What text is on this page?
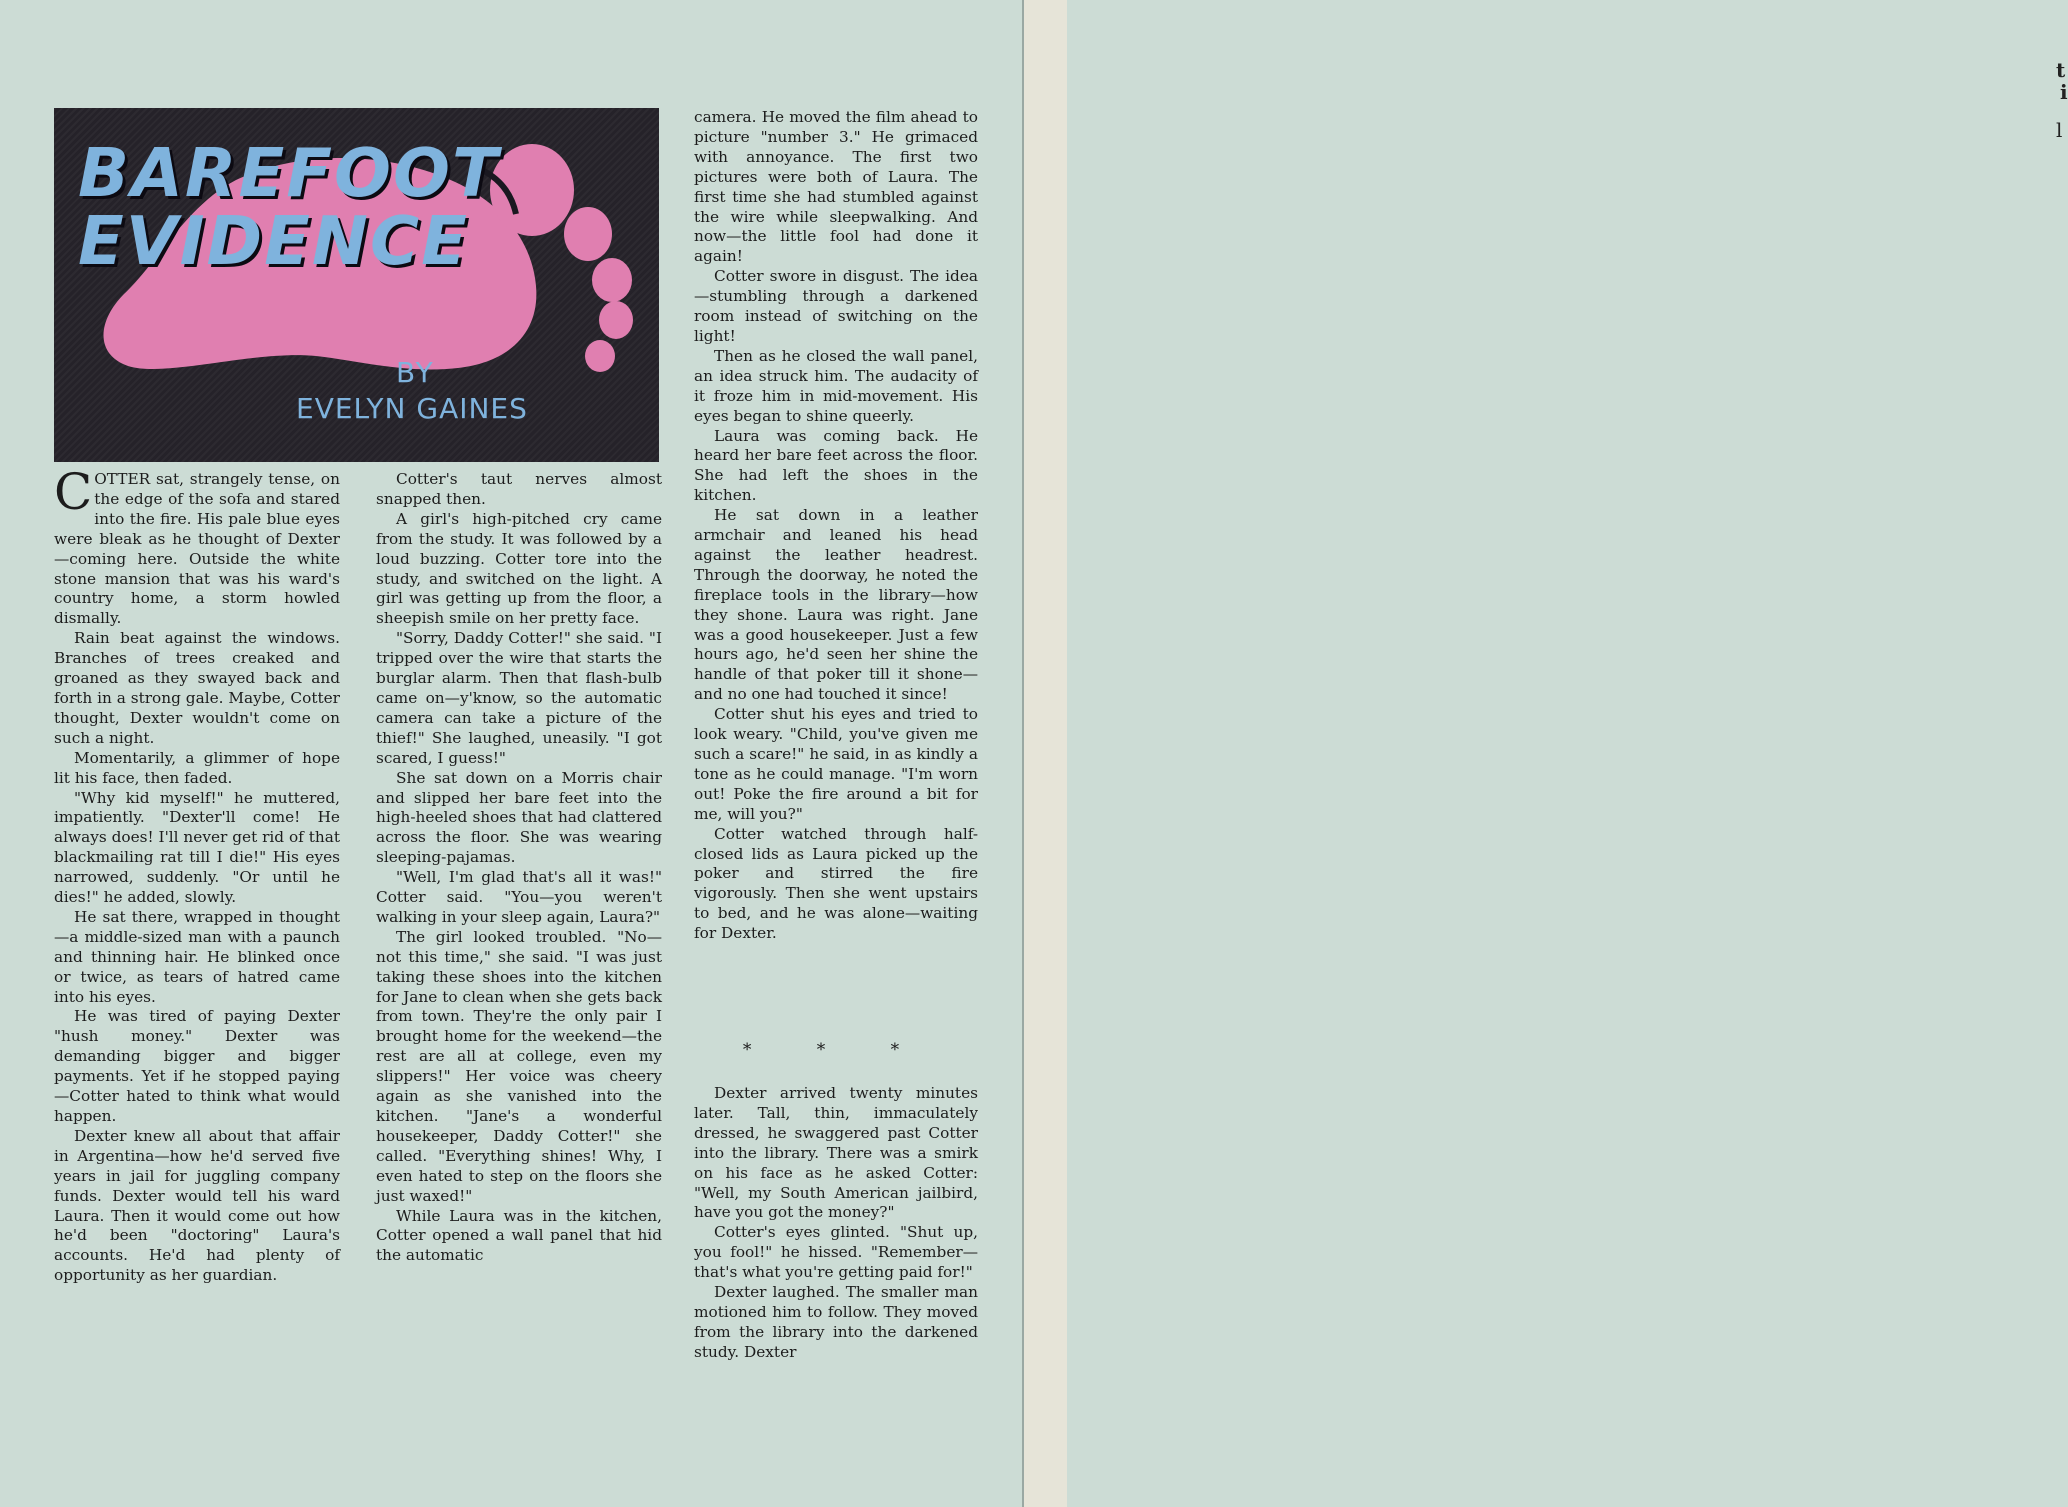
t
i
l
BAREFOOT
EVIDENCE
BY
EVELYN GAINES

COTTER sat, strangely tense, on the edge of the sofa and stared into the fire. His pale blue eyes were bleak as he thought of Dexter—coming here. Outside the white stone mansion that was his ward's country home, a storm howled dismally.

Rain beat against the windows. Branches of trees creaked and groaned as they swayed back and forth in a strong gale. Maybe, Cotter thought, Dexter wouldn't come on such a night.

Momentarily, a glimmer of hope lit his face, then faded.

"Why kid myself!" he muttered, impatiently. "Dexter'll come! He always does! I'll never get rid of that blackmailing rat till I die!" His eyes narrowed, suddenly. "Or until he dies!" he added, slowly.

He sat there, wrapped in thought—a middle-sized man with a paunch and thinning hair. He blinked once or twice, as tears of hatred came into his eyes.

He was tired of paying Dexter "hush money." Dexter was demanding bigger and bigger payments. Yet if he stopped paying—Cotter hated to think what would happen.

Dexter knew all about that affair in Argentina—how he'd served five years in jail for juggling company funds. Dexter would tell his ward Laura. Then it would come out how he'd been "doctoring" Laura's accounts. He'd had plenty of opportunity as her guardian.

Cotter's taut nerves almost snapped then.

A girl's high-pitched cry came from the study. It was followed by a loud buzzing. Cotter tore into the study, and switched on the light. A girl was getting up from the floor, a sheepish smile on her pretty face.

"Sorry, Daddy Cotter!" she said. "I tripped over the wire that starts the burglar alarm. Then that flash-bulb came on—y'know, so the automatic camera can take a picture of the thief!" She laughed, uneasily. "I got scared, I guess!"

She sat down on a Morris chair and slipped her bare feet into the high-heeled shoes that had clattered across the floor. She was wearing sleeping-pajamas.

"Well, I'm glad that's all it was!" Cotter said. "You—you weren't walking in your sleep again, Laura?"

The girl looked troubled. "No—not this time," she said. "I was just taking these shoes into the kitchen for Jane to clean when she gets back from town. They're the only pair I brought home for the weekend—the rest are all at college, even my slippers!" Her voice was cheery again as she vanished into the kitchen. "Jane's a wonderful housekeeper, Daddy Cotter!" she called. "Everything shines! Why, I even hated to step on the floors she just waxed!"

While Laura was in the kitchen, Cotter opened a wall panel that hid the automatic

camera. He moved the film ahead to picture "number 3." He grimaced with annoyance. The first two pictures were both of Laura. The first time she had stumbled against the wire while sleepwalking. And now—the little fool had done it again!

Cotter swore in disgust. The idea—stumbling through a darkened room instead of switching on the light!

Then as he closed the wall panel, an idea struck him. The audacity of it froze him in mid-movement. His eyes began to shine queerly.

Laura was coming back. He heard her bare feet across the floor. She had left the shoes in the kitchen.

He sat down in a leather armchair and leaned his head against the leather headrest. Through the doorway, he noted the fireplace tools in the library—how they shone. Laura was right. Jane was a good housekeeper. Just a few hours ago, he'd seen her shine the handle of that poker till it shone—and no one had touched it since!

Cotter shut his eyes and tried to look weary. "Child, you've given me such a scare!" he said, in as kindly a tone as he could manage. "I'm worn out! Poke the fire around a bit for me, will you?"

Cotter watched through half-closed lids as Laura picked up the poker and stirred the fire vigorously. Then she went upstairs to bed, and he was alone—waiting for Dexter.

* * *

Dexter arrived twenty minutes later. Tall, thin, immaculately dressed, he swaggered past Cotter into the library. There was a smirk on his face as he asked Cotter: "Well, my South American jailbird, have you got the money?"

Cotter's eyes glinted. "Shut up, you fool!" he hissed. "Remember—that's what you're getting paid for!"

Dexter laughed. The smaller man motioned him to follow. They moved from the library into the darkened study. Dexter
